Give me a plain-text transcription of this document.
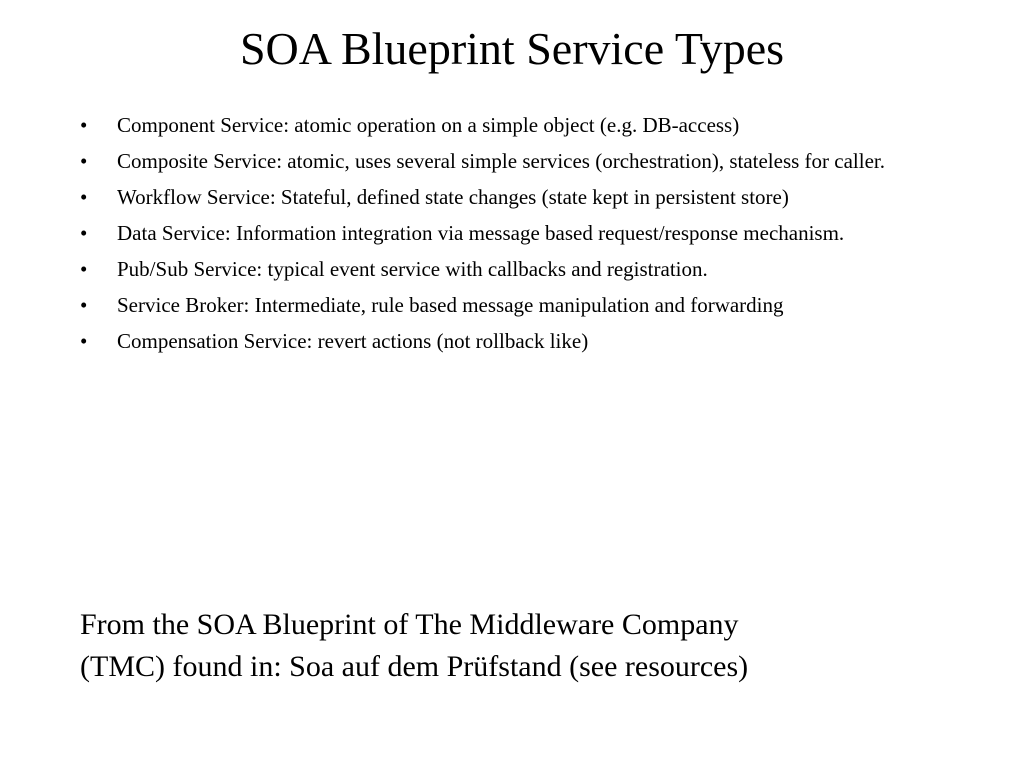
SOA Blueprint Service Types
•	Component Service: atomic operation on a simple object (e.g. DB-access)
•	Composite Service: atomic, uses several simple services (orchestration), stateless for caller.
•	Workflow Service: Stateful, defined state changes (state kept in persistent store)
•	Data Service: Information integration via message based request/response mechanism.
•	Pub/Sub Service: typical event service with callbacks and registration.
•	Service Broker: Intermediate, rule based message manipulation and forwarding
•	Compensation Service: revert actions (not rollback like)

From the SOA Blueprint of The Middleware Company
(TMC) found in: Soa auf dem Prüfstand (see resources)
